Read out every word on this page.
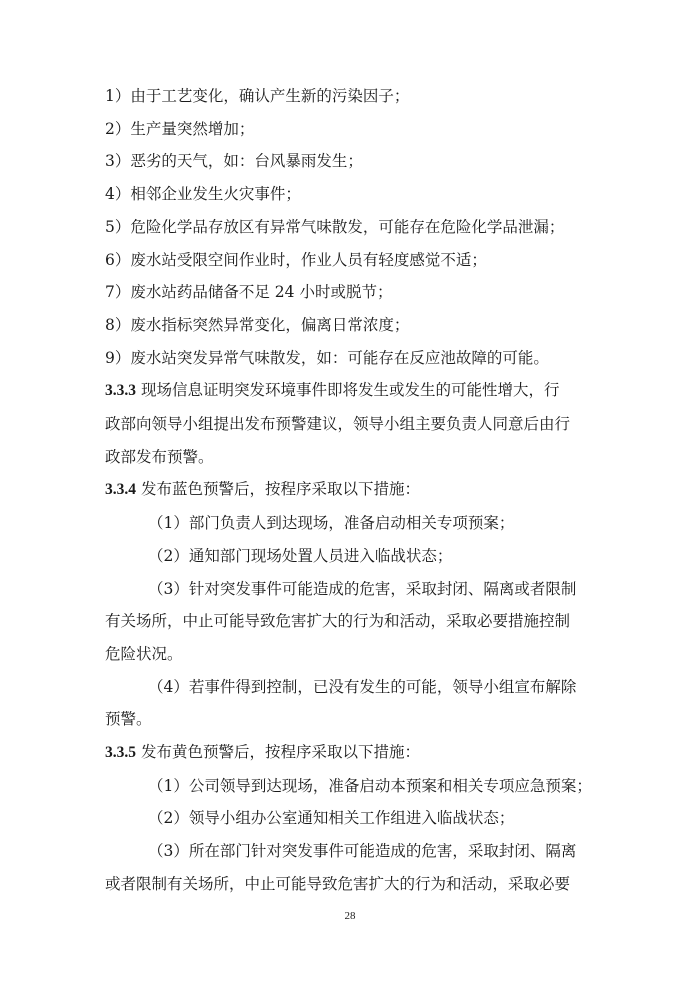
1）由于工艺变化，确认产生新的污染因子；
2）生产量突然增加；
3）恶劣的天气，如：台风暴雨发生；
4）相邻企业发生火灾事件；
5）危险化学品存放区有异常气味散发，可能存在危险化学品泄漏；
6）废水站受限空间作业时，作业人员有轻度感觉不适；
7）废水站药品储备不足 24 小时或脱节；
8）废水指标突然异常变化，偏离日常浓度；
9）废水站突发异常气味散发，如：可能存在反应池故障的可能。
3.3.3 现场信息证明突发环境事件即将发生或发生的可能性增大，行
政部向领导小组提出发布预警建议，领导小组主要负责人同意后由行
政部发布预警。
3.3.4 发布蓝色预警后，按程序采取以下措施：
（1）部门负责人到达现场，准备启动相关专项预案；
（2）通知部门现场处置人员进入临战状态；
（3）针对突发事件可能造成的危害，采取封闭、隔离或者限制
有关场所，中止可能导致危害扩大的行为和活动，采取必要措施控制
危险状况。
（4）若事件得到控制，已没有发生的可能，领导小组宣布解除
预警。
3.3.5 发布黄色预警后，按程序采取以下措施：
（1）公司领导到达现场，准备启动本预案和相关专项应急预案；
（2）领导小组办公室通知相关工作组进入临战状态；
（3）所在部门针对突发事件可能造成的危害，采取封闭、隔离
或者限制有关场所，中止可能导致危害扩大的行为和活动，采取必要
28
